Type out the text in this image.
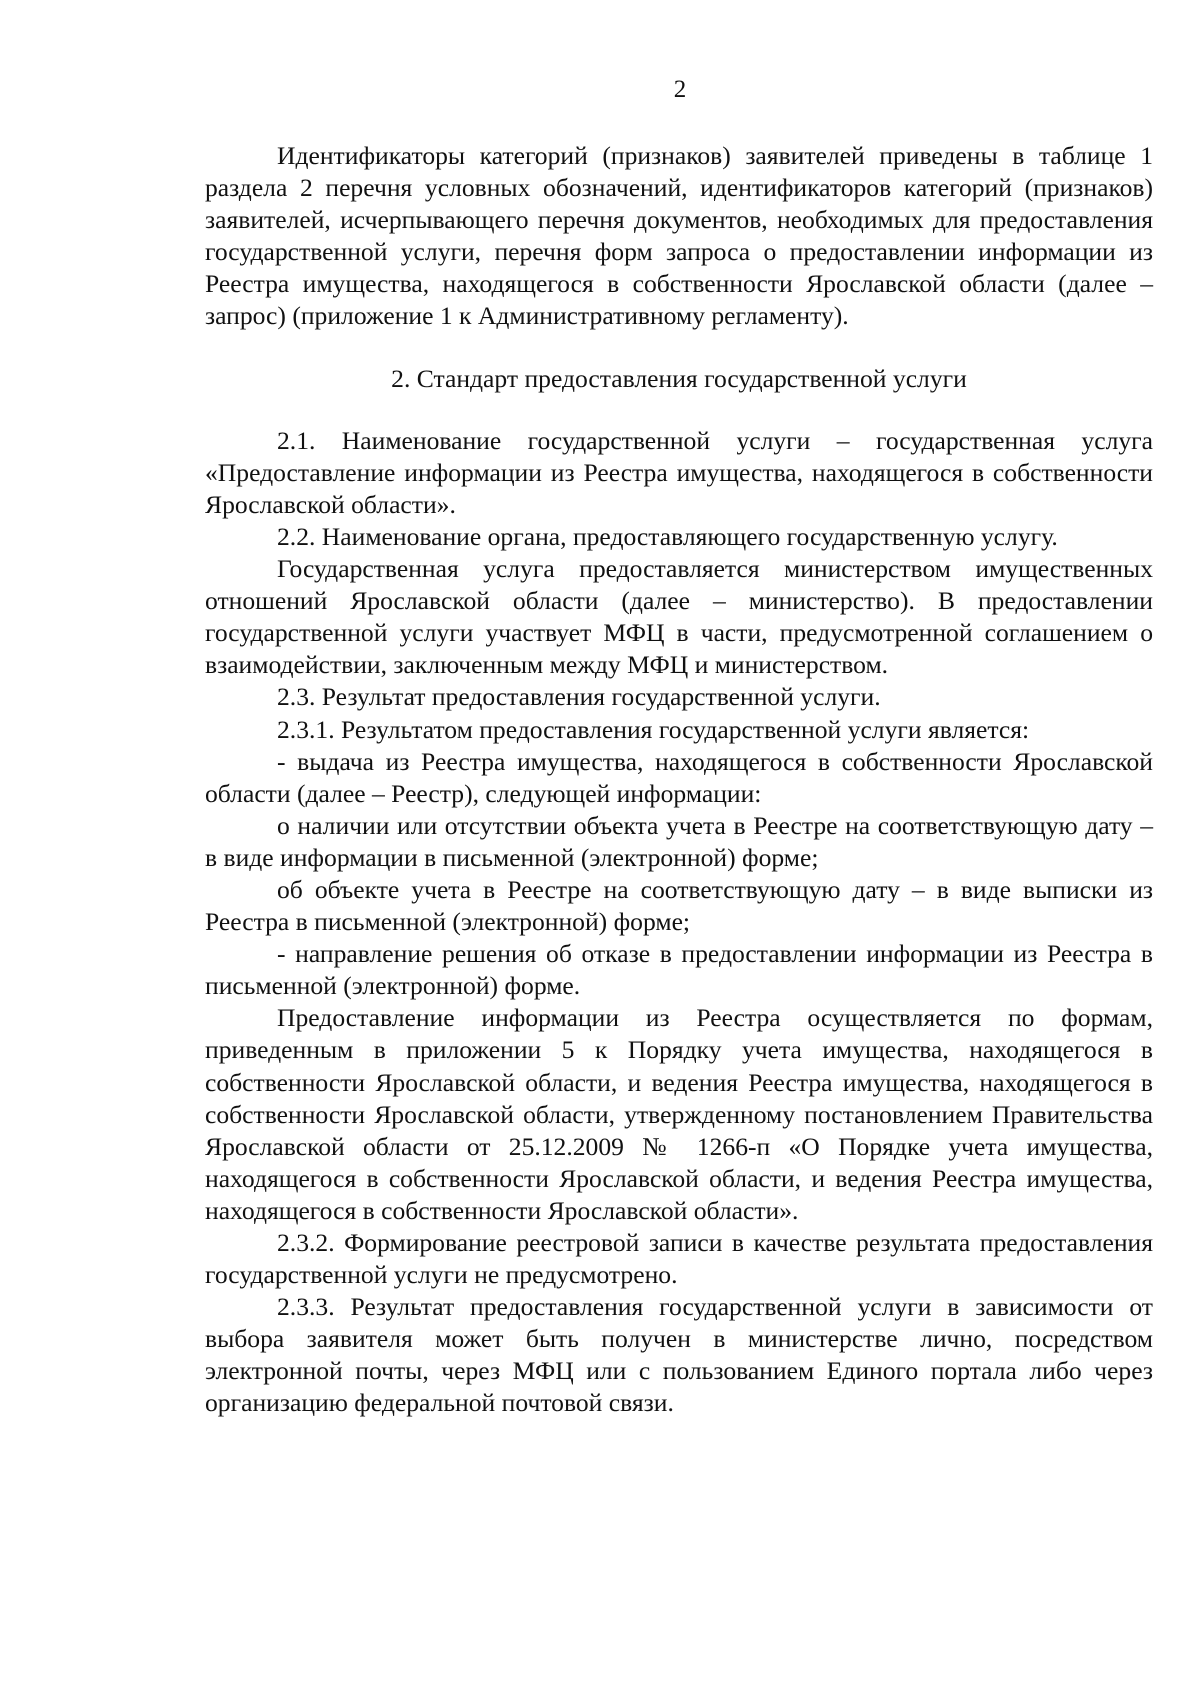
2

Идентификаторы категорий (признаков) заявителей приведены в таблице 1 раздела 2 перечня условных обозначений, идентификаторов категорий (признаков) заявителей, исчерпывающего перечня документов, необходимых для предоставления государственной услуги, перечня форм запроса о предоставлении информации из Реестра имущества, находящегося в собственности Ярославской области (далее – запрос) (приложение 1 к Административному регламенту).

2. Стандарт предоставления государственной услуги

2.1. Наименование государственной услуги – государственная услуга «Предоставление информации из Реестра имущества, находящегося в собственности Ярославской области».

2.2. Наименование органа, предоставляющего государственную услугу.

Государственная услуга предоставляется министерством имущественных отношений Ярославской области (далее – министерство). В предоставлении государственной услуги участвует МФЦ в части, предусмотренной соглашением о взаимодействии, заключенным между МФЦ и министерством.

2.3. Результат предоставления государственной услуги.

2.3.1. Результатом предоставления государственной услуги является:

- выдача из Реестра имущества, находящегося в собственности Ярославской области (далее – Реестр), следующей информации:

о наличии или отсутствии объекта учета в Реестре на соответствующую дату – в виде информации в письменной (электронной) форме;

об объекте учета в Реестре на соответствующую дату – в виде выписки из Реестра в письменной (электронной) форме;

- направление решения об отказе в предоставлении информации из Реестра в письменной (электронной) форме.

Предоставление информации из Реестра осуществляется по формам, приведенным в приложении 5 к Порядку учета имущества, находящегося в собственности Ярославской области, и ведения Реестра имущества, находящегося в собственности Ярославской области, утвержденному постановлением Правительства Ярославской области от 25.12.2009 № 1266-п «О Порядке учета имущества, находящегося в собственности Ярославской области, и ведения Реестра имущества, находящегося в собственности Ярославской области».

2.3.2. Формирование реестровой записи в качестве результата предоставления государственной услуги не предусмотрено.

2.3.3. Результат предоставления государственной услуги в зависимости от выбора заявителя может быть получен в министерстве лично, посредством электронной почты, через МФЦ или с пользованием Единого портала либо через организацию федеральной почтовой связи.
